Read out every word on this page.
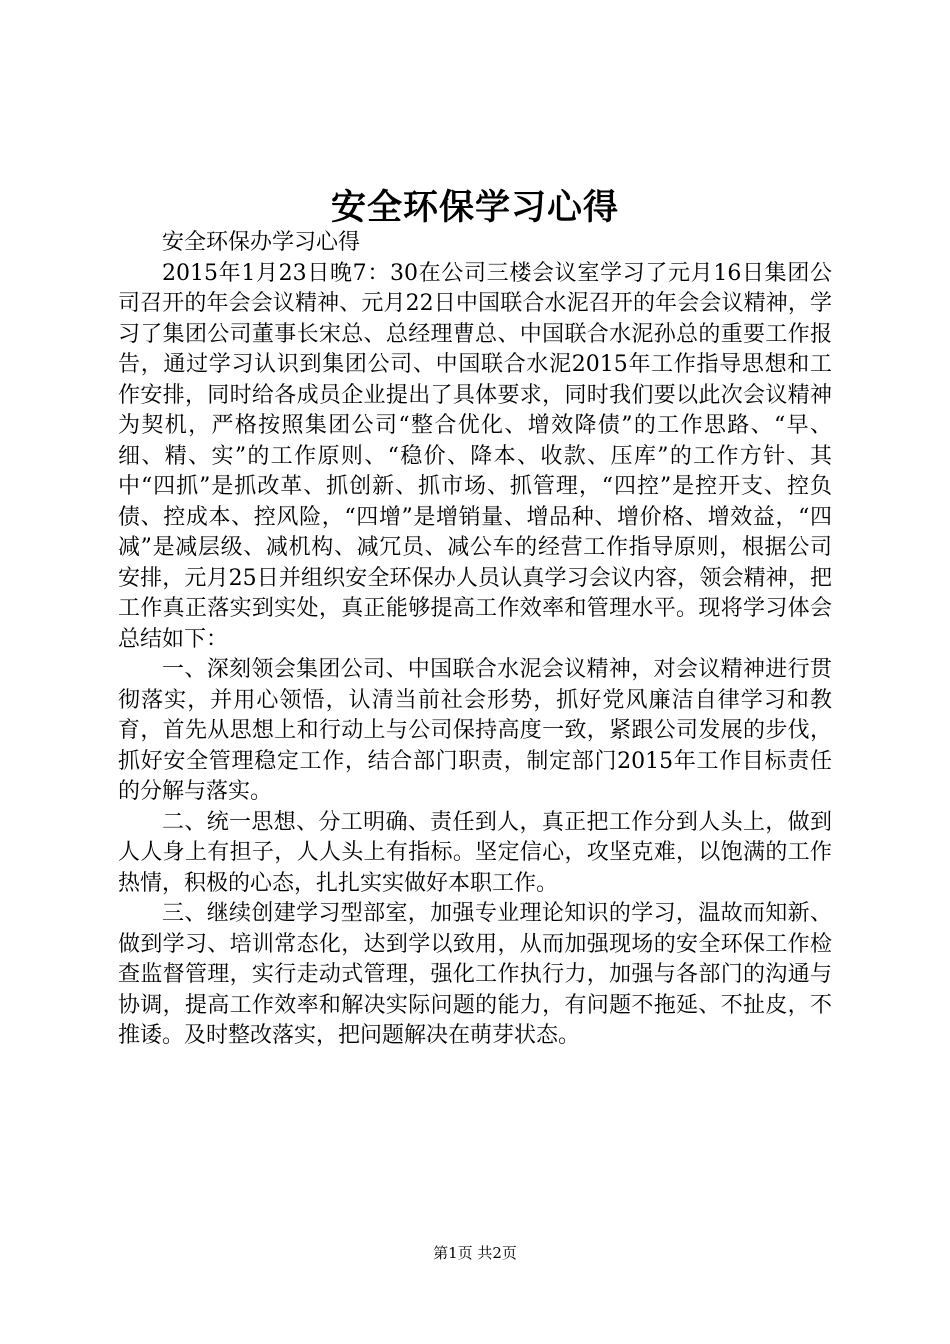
安全环保学习心得

安全环保办学习心得

2015年1月23日晚7：30在公司三楼会议室学习了元月16日集团公司召开的年会会议精神、元月22日中国联合水泥召开的年会会议精神，学习了集团公司董事长宋总、总经理曹总、中国联合水泥孙总的重要工作报告，通过学习认识到集团公司、中国联合水泥2015年工作指导思想和工作安排，同时给各成员企业提出了具体要求，同时我们要以此次会议精神为契机，严格按照集团公司“整合优化、增效降债”的工作思路、“早、细、精、实”的工作原则、“稳价、降本、收款、压库”的工作方针、其中“四抓”是抓改革、抓创新、抓市场、抓管理，“四控”是控开支、控负债、控成本、控风险，“四增”是增销量、增品种、增价格、增效益，“四减”是减层级、减机构、减冗员、减公车的经营工作指导原则，根据公司安排，元月25日并组织安全环保办人员认真学习会议内容，领会精神，把工作真正落实到实处，真正能够提高工作效率和管理水平。现将学习体会总结如下：

一、深刻领会集团公司、中国联合水泥会议精神，对会议精神进行贯彻落实，并用心领悟，认清当前社会形势，抓好党风廉洁自律学习和教育，首先从思想上和行动上与公司保持高度一致，紧跟公司发展的步伐，抓好安全管理稳定工作，结合部门职责，制定部门2015年工作目标责任的分解与落实。

二、统一思想、分工明确、责任到人，真正把工作分到人头上，做到人人身上有担子，人人头上有指标。坚定信心，攻坚克难，以饱满的工作热情，积极的心态，扎扎实实做好本职工作。

三、继续创建学习型部室，加强专业理论知识的学习，温故而知新、做到学习、培训常态化，达到学以致用，从而加强现场的安全环保工作检查监督管理，实行走动式管理，强化工作执行力，加强与各部门的沟通与协调，提高工作效率和解决实际问题的能力，有问题不拖延、不扯皮，不推诿。及时整改落实，把问题解决在萌芽状态。

第1页 共2页
